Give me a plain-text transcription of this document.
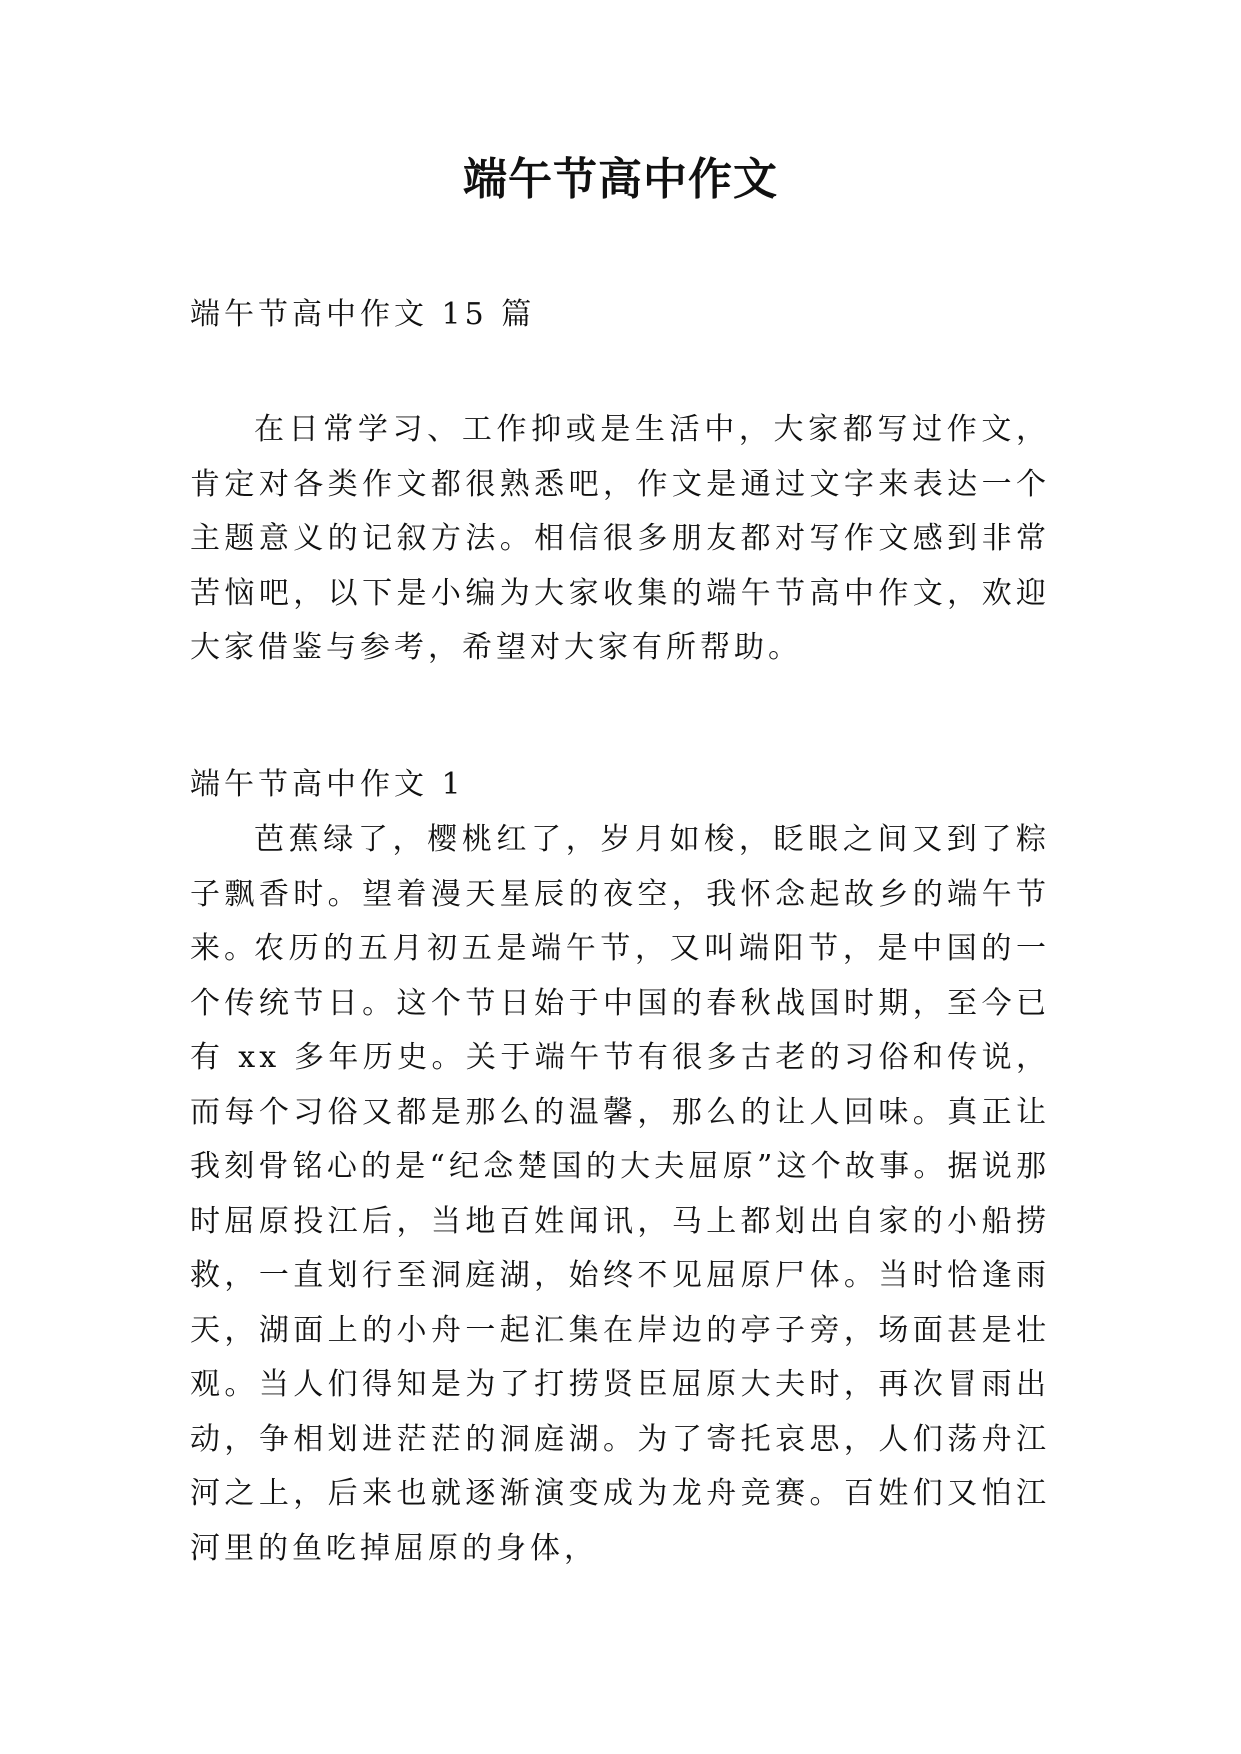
端午节高中作文
端午节高中作文 15 篇

在日常学习、工作抑或是生活中，大家都写过作文，肯定对各类作文都很熟悉吧，作文是通过文字来表达一个主题意义的记叙方法。相信很多朋友都对写作文感到非常苦恼吧，以下是小编为大家收集的端午节高中作文，欢迎大家借鉴与参考，希望对大家有所帮助。

端午节高中作文 1

芭蕉绿了，樱桃红了，岁月如梭，眨眼之间又到了粽子飘香时。望着漫天星辰的夜空，我怀念起故乡的端午节来。

农历的五月初五是端午节，又叫端阳节，是中国的一个传统节日。这个节日始于中国的春秋战国时期，至今已有 xx 多年历史。关于端午节有很多古老的习俗和传说，而每个习俗又都是那么的温馨，那么的让人回味。真正让我刻骨铭心的是“纪念楚国的大夫屈原”这个故事。据说那时屈原投江后，当地百姓闻讯，马上都划出自家的小船捞救，一直划行至洞庭湖，始终不见屈原尸体。当时恰逢雨天，湖面上的小舟一起汇集在岸边的亭子旁，场面甚是壮观。当人们得知是为了打捞贤臣屈原大夫时，再次冒雨出动，争相划进茫茫的洞庭湖。为了寄托哀思，人们荡舟江河之上，后来也就逐渐演变成为龙舟竞赛。百姓们又怕江河里的鱼吃掉屈原的身体，
